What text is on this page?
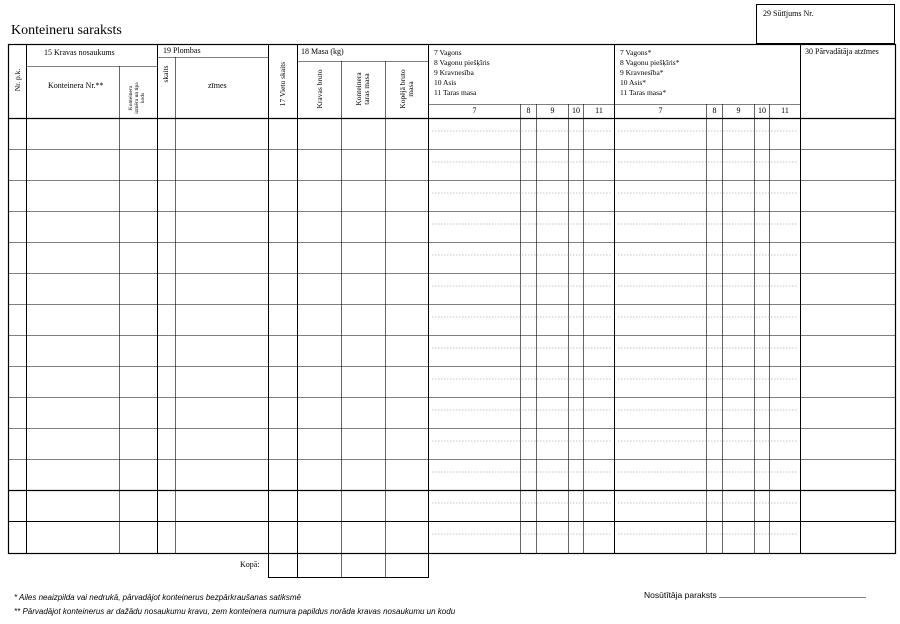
Konteineru saraksts
29 Sūtījums Nr.
Nr. p.k.
15 Kravas nosaukums
Konteinera Nr.**
Konteinera izmēra un tipa kods
19 Plombas
skaits
zīmes	17 Vietu skaits
18 Masa (kg)
Kravas bruto	Konteinera taras masa	Kopējā bruto masa
7 Vagons
8 Vagonu piešķīris
9 Kravnesība
10 Asis
11 Taras masa
7 Vagons*
8 Vagonu piešķīris*
9 Kravnesība*
10 Asis*
11 Taras masa*
30 Pārvadātāja atzīmes
7	8	9	10	11	7	8	9	10	11
Kopā:
Nosūtītāja paraksts
* Ailes neaizpilda vai nedrukā, pārvadājot konteinerus bezpārkraušanas satiksmē
** Pārvadājot konteinerus ar dažādu nosaukumu kravu, zem konteinera numura papildus norāda kravas nosaukumu un kodu
